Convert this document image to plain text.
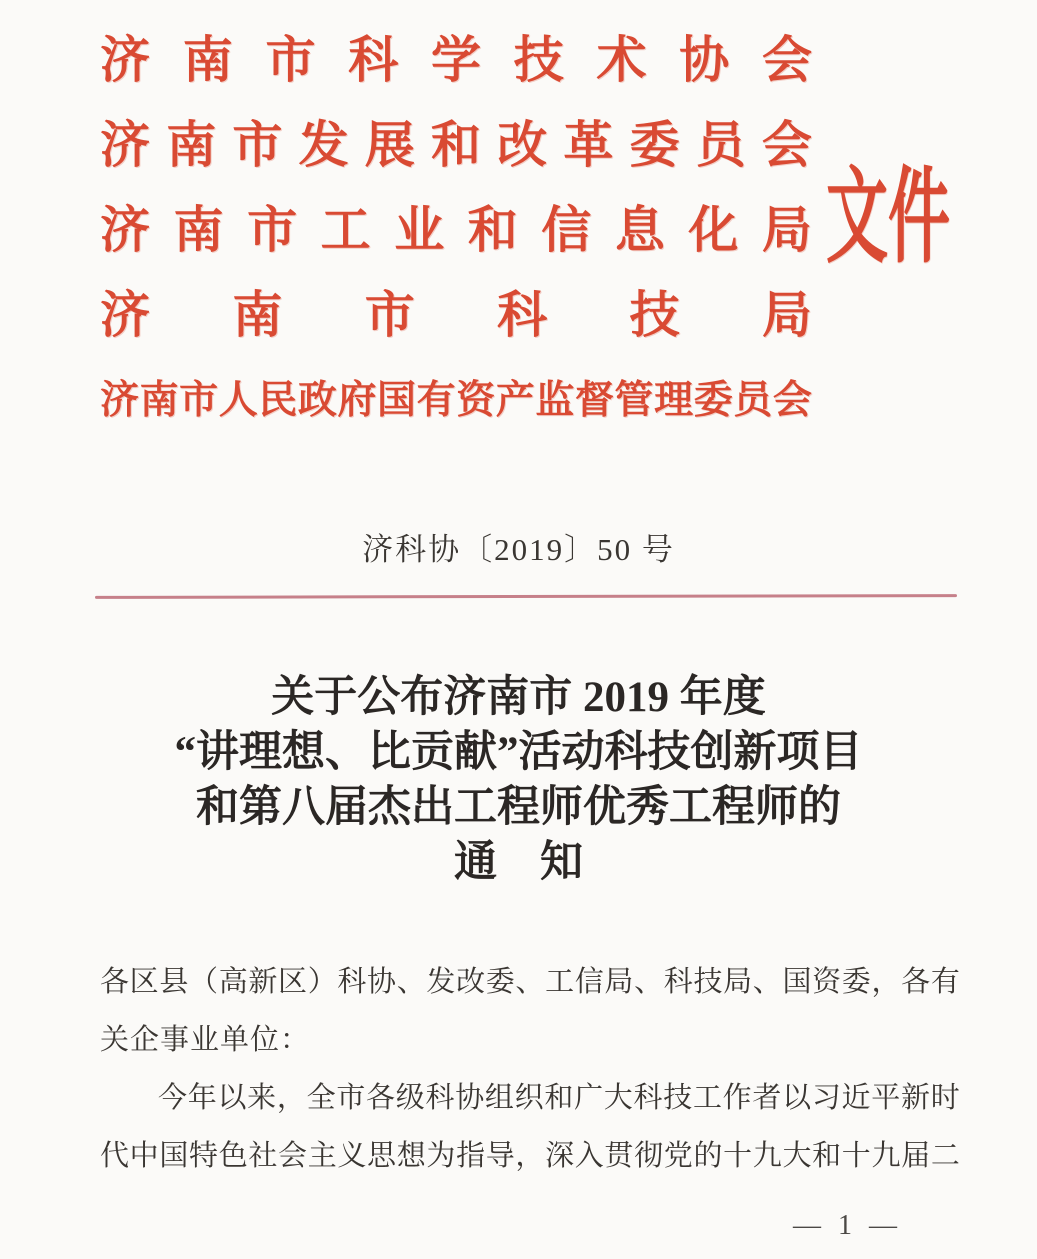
济 南 市 科 学 技 术 协 会
济 南 市 发 展 和 改 革 委 员 会
济 南 市 工 业 和 信 息 化 局
济 南 市 科 技 局
济 南 市 人 民 政 府 国 有 资 产 监 督 管 理 委 员 会
文件
济科协〔2019〕50 号
关于公布济南市 2019 年度
“讲理想、比贡献”活动科技创新项目
和第八届杰出工程师优秀工程师的
通　知
各 区 县 （ 高 新 区 ） 科 协 、 发 改 委 、 工 信 局 、 科 技 局 、 国 资 委 ， 各 有
关企事业单位：
今 年 以 来 ， 全 市 各 级 科 协 组 织 和 广 大 科 技 工 作 者 以 习 近 平 新 时
代 中 国 特 色 社 会 主 义 思 想 为 指 导 ， 深 入 贯 彻 党 的 十 九 大 和 十 九 届 二
— 1 —
